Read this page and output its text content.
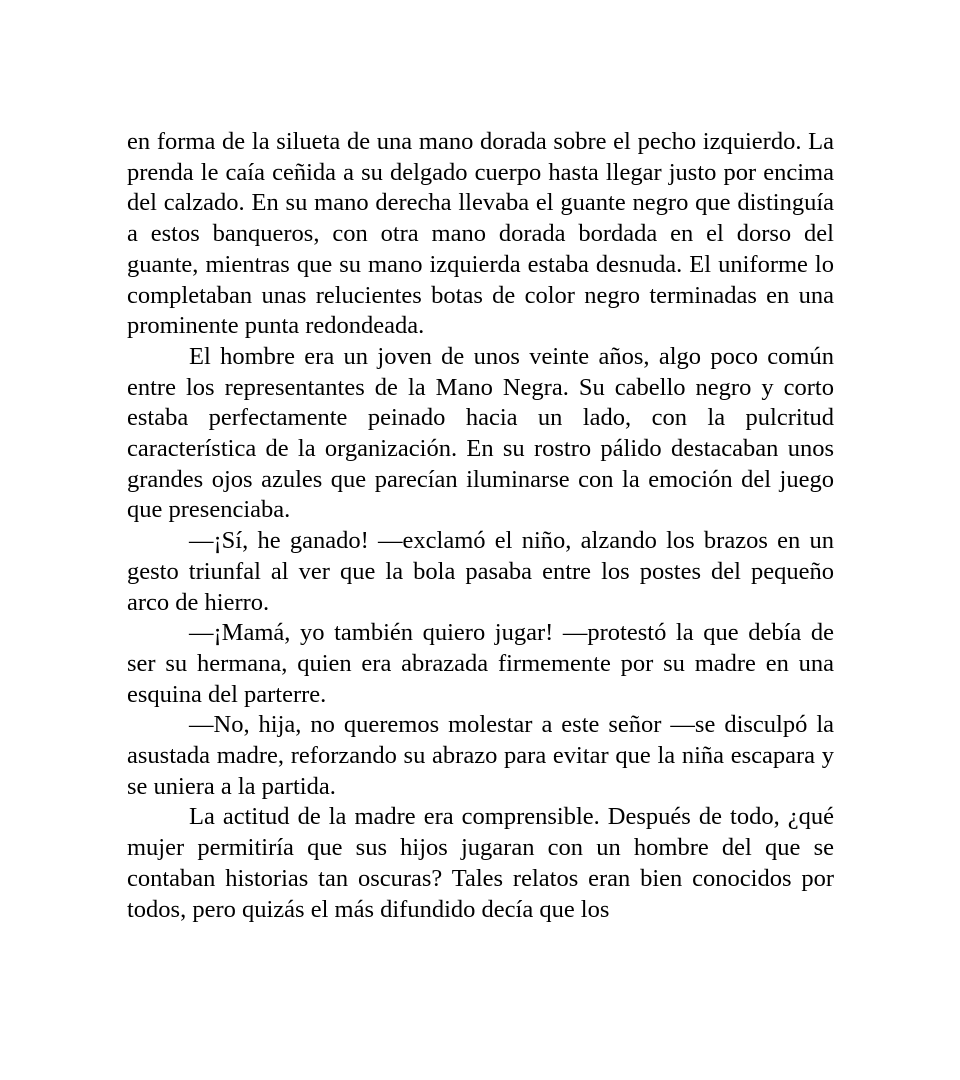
en forma de la silueta de una mano dorada sobre el pecho izquierdo. La prenda le caía ceñida a su delgado cuerpo hasta llegar justo por encima del calzado. En su mano derecha llevaba el guante negro que distinguía a estos banqueros, con otra mano dorada bordada en el dorso del guante, mientras que su mano izquierda estaba desnuda. El uniforme lo completaban unas relucientes botas de color negro terminadas en una prominente punta redondeada.

El hombre era un joven de unos veinte años, algo poco común entre los representantes de la Mano Negra. Su cabello negro y corto estaba perfectamente peinado hacia un lado, con la pulcritud característica de la organización. En su rostro pálido destacaban unos grandes ojos azules que parecían iluminarse con la emoción del juego que presenciaba.

—¡Sí, he ganado! —exclamó el niño, alzando los brazos en un gesto triunfal al ver que la bola pasaba entre los postes del pequeño arco de hierro.

—¡Mamá, yo también quiero jugar! —protestó la que debía de ser su hermana, quien era abrazada firmemente por su madre en una esquina del parterre.

—No, hija, no queremos molestar a este señor —se disculpó la asustada madre, reforzando su abrazo para evitar que la niña escapara y se uniera a la partida.

La actitud de la madre era comprensible. Después de todo, ¿qué mujer permitiría que sus hijos jugaran con un hombre del que se contaban historias tan oscuras? Tales relatos eran bien conocidos por todos, pero quizás el más difundido decía que los
